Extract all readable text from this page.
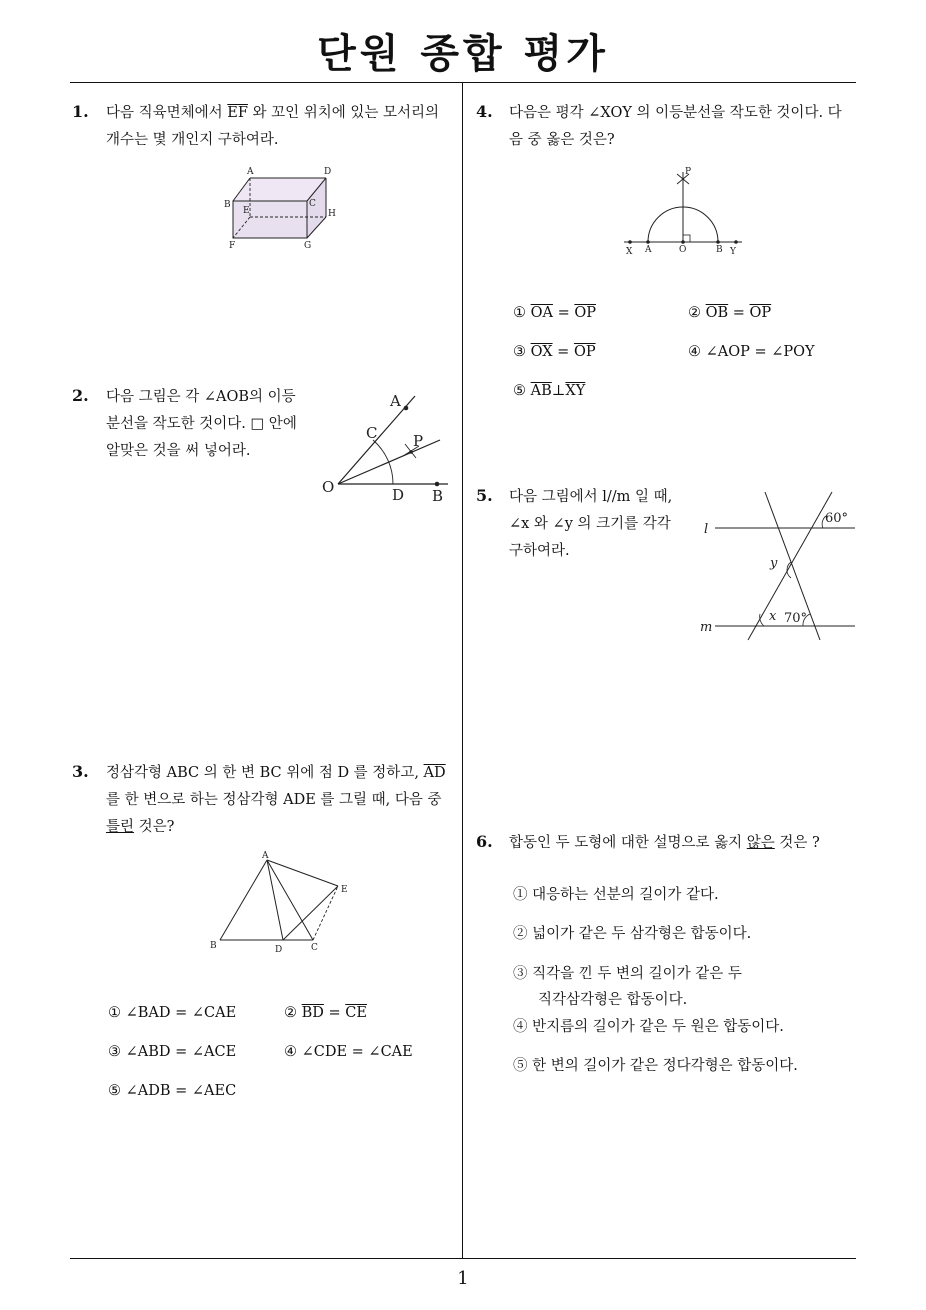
단원 종합 평가
1
1. 다음 직육면체에서 $\overline{EF}$ 와 꼬인 위치에 있는 모서리의
개수는 몇 개인지 구하여라.
A	D
B	C
E	H
F	G
2. 다음 그림은 각 ∠AOB의 이등
분선을 작도한 것이다. □ 안에
알맞은 것을 써 넣어라.
A
C P
O	D B
3. 정삼각형 ABC 의 한 변 BC 위에 점 D 를 정하고, $\overline{AD}$
를 한 변으로 하는 정삼각형 ADE 를 그릴 때, 다음 중
틀린 것은?
A
E
B	D	C
① ∠BAD = ∠CAE	② $\overline{BD} = \overline{CE}$
③ ∠ABD = ∠ACE	④ ∠CDE = ∠CAE
⑤ ∠ADB = ∠AEC
4. 다음은 평각 ∠XOY 의 이등분선을 작도한 것이다. 다
음 중 옳은 것은?
P
X A	O	B Y
① $\overline{OA} = \overline{OP}$	② $\overline{OB} = \overline{OP}$
③ $\overline{OX} = \overline{OP}$	④ ∠AOP = ∠POY
⑤ $\overline{AB}\perp\overline{XY}$
5. 다음 그림에서 l//m 일 때,
∠x 와 ∠y 의 크기를 각각
구하여라.
l
m
x
y
60°
70°
6. 합동인 두 도형에 대한 설명으로 옳지 않은 것은 ?
① 대응하는 선분의 길이가 같다.
② 넓이가 같은 두 삼각형은 합동이다.
③ 직각을 낀 두 변의 길이가 같은 두
직각삼각형은 합동이다.
④ 반지름의 길이가 같은 두 원은 합동이다.
⑤ 한 변의 길이가 같은 정다각형은 합동이다.
